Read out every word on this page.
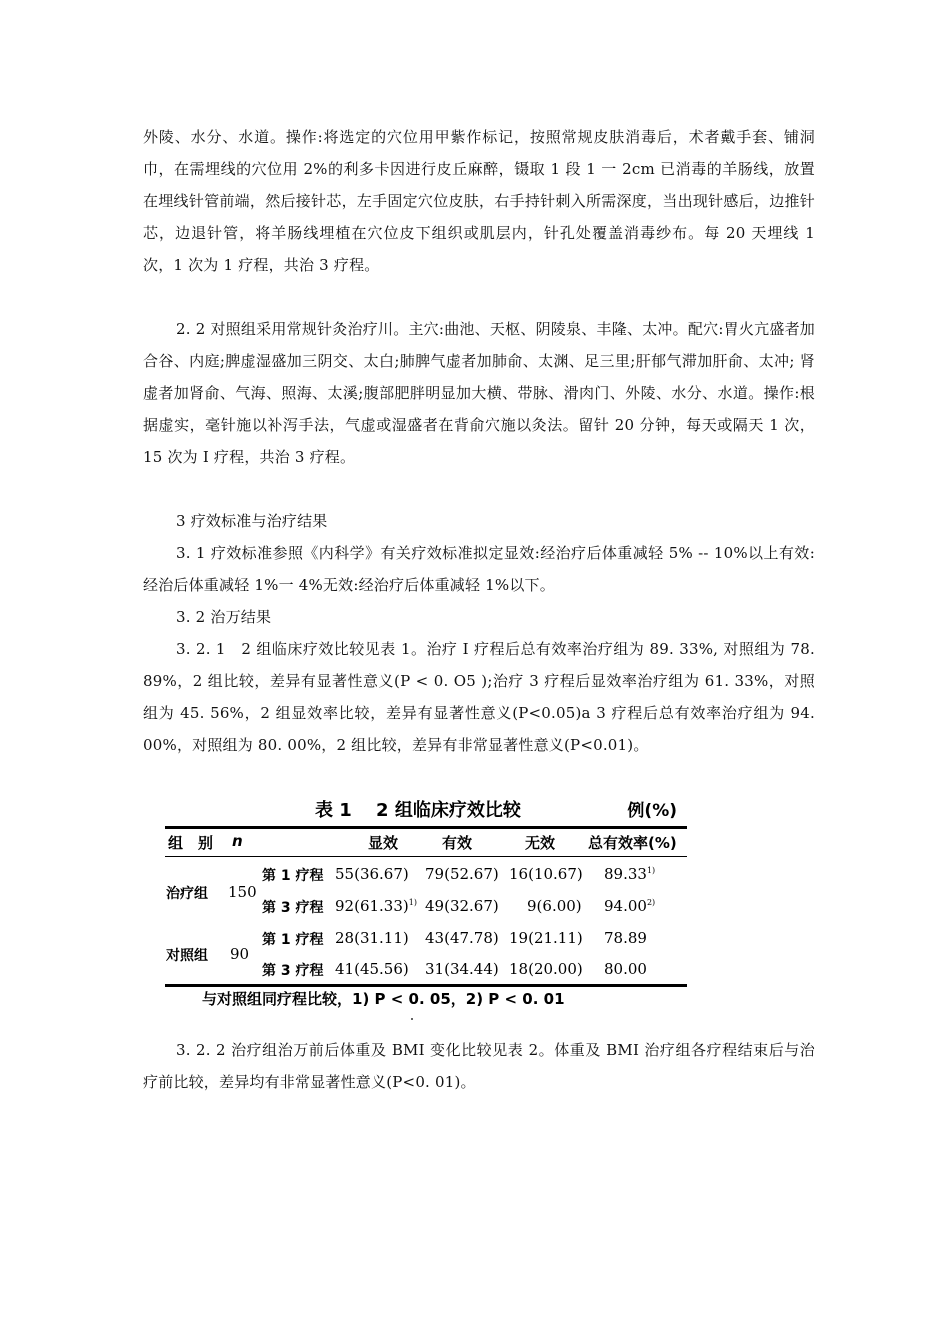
外陵、水分、水道。操作:将选定的穴位用甲紫作标记，按照常规皮肤消毒后，术者戴手套、铺洞巾，在需埋线的穴位用 2%的利多卡因进行皮丘麻醉，镊取 1 段 1 一 2cm 已消毒的羊肠线，放置在埋线针管前端，然后接针芯，左手固定穴位皮肤，右手持针刺入所需深度，当出现针感后，边推针芯，边退针管，将羊肠线埋植在穴位皮下组织或肌层内，针孔处覆盖消毒纱布。每 20 天埋线 1 次，1 次为 1 疗程，共治 3 疗程。

2. 2 对照组采用常规针灸治疗川。主穴:曲池、天枢、阴陵泉、丰隆、太冲。配穴:胃火亢盛者加合谷、内庭;脾虚湿盛加三阴交、太白;肺脾气虚者加肺俞、太渊、足三里;肝郁气滞加肝俞、太冲; 肾虚者加肾俞、气海、照海、太溪;腹部肥胖明显加大横、带脉、滑肉门、外陵、水分、水道。操作:根据虚实，毫针施以补泻手法，气虚或湿盛者在背俞穴施以灸法。留针 20 分钟，每天或隔天 1 次，15 次为 I 疗程，共治 3 疗程。

3 疗效标准与治疗结果

3. 1 疗效标准参照《内科学》有关疗效标准拟定显效:经治疗后体重减轻 5% -- 10%以上有效:经治后体重减轻 1%一 4%无效:经治疗后体重减轻 1%以下。

3. 2 治万结果

3. 2. 1　2 组临床疗效比较见表 1。治疗 I 疗程后总有效率治疗组为 89. 33%, 对照组为 78. 89%，2 组比较，差异有显著性意义(P < 0. O5 );治疗 3 疗程后显效率治疗组为 61. 33%，对照组为 45. 56%，2 组显效率比较，差异有显著性意义(P<0.05)a 3 疗程后总有效率治疗组为 94. 00%，对照组为 80. 00%，2 组比较，差异有非常显著性意义(P<0.01)。

表 1　 2 组临床疗效比较	例(%)
组　别 n	显效	有效	无效 总有效率(%)
治疗组 150
第 1 疗程 55(36.67) 79(52.67) 16(10.67) 89.33$^{1)}$
第 3 疗程 $92(61.33)^{1)}$ 49(32.67) 9(6.00) 94.00$^{2)}$
对照组 90
第 1 疗程 28(31.11) 43(47.78) 19(21.11) 78.89
第 3 疗程 41(45.56) 31(34.44) 18(20.00) 80.00
与对照组同疗程比较，1) P < 0. 05，2) P < 0. 01

3. 2. 2 治疗组治万前后体重及 BMI 变化比较见表 2。体重及 BMI 治疗组各疗程结束后与治疗前比较，差异均有非常显著性意义(P<0. 01)。
